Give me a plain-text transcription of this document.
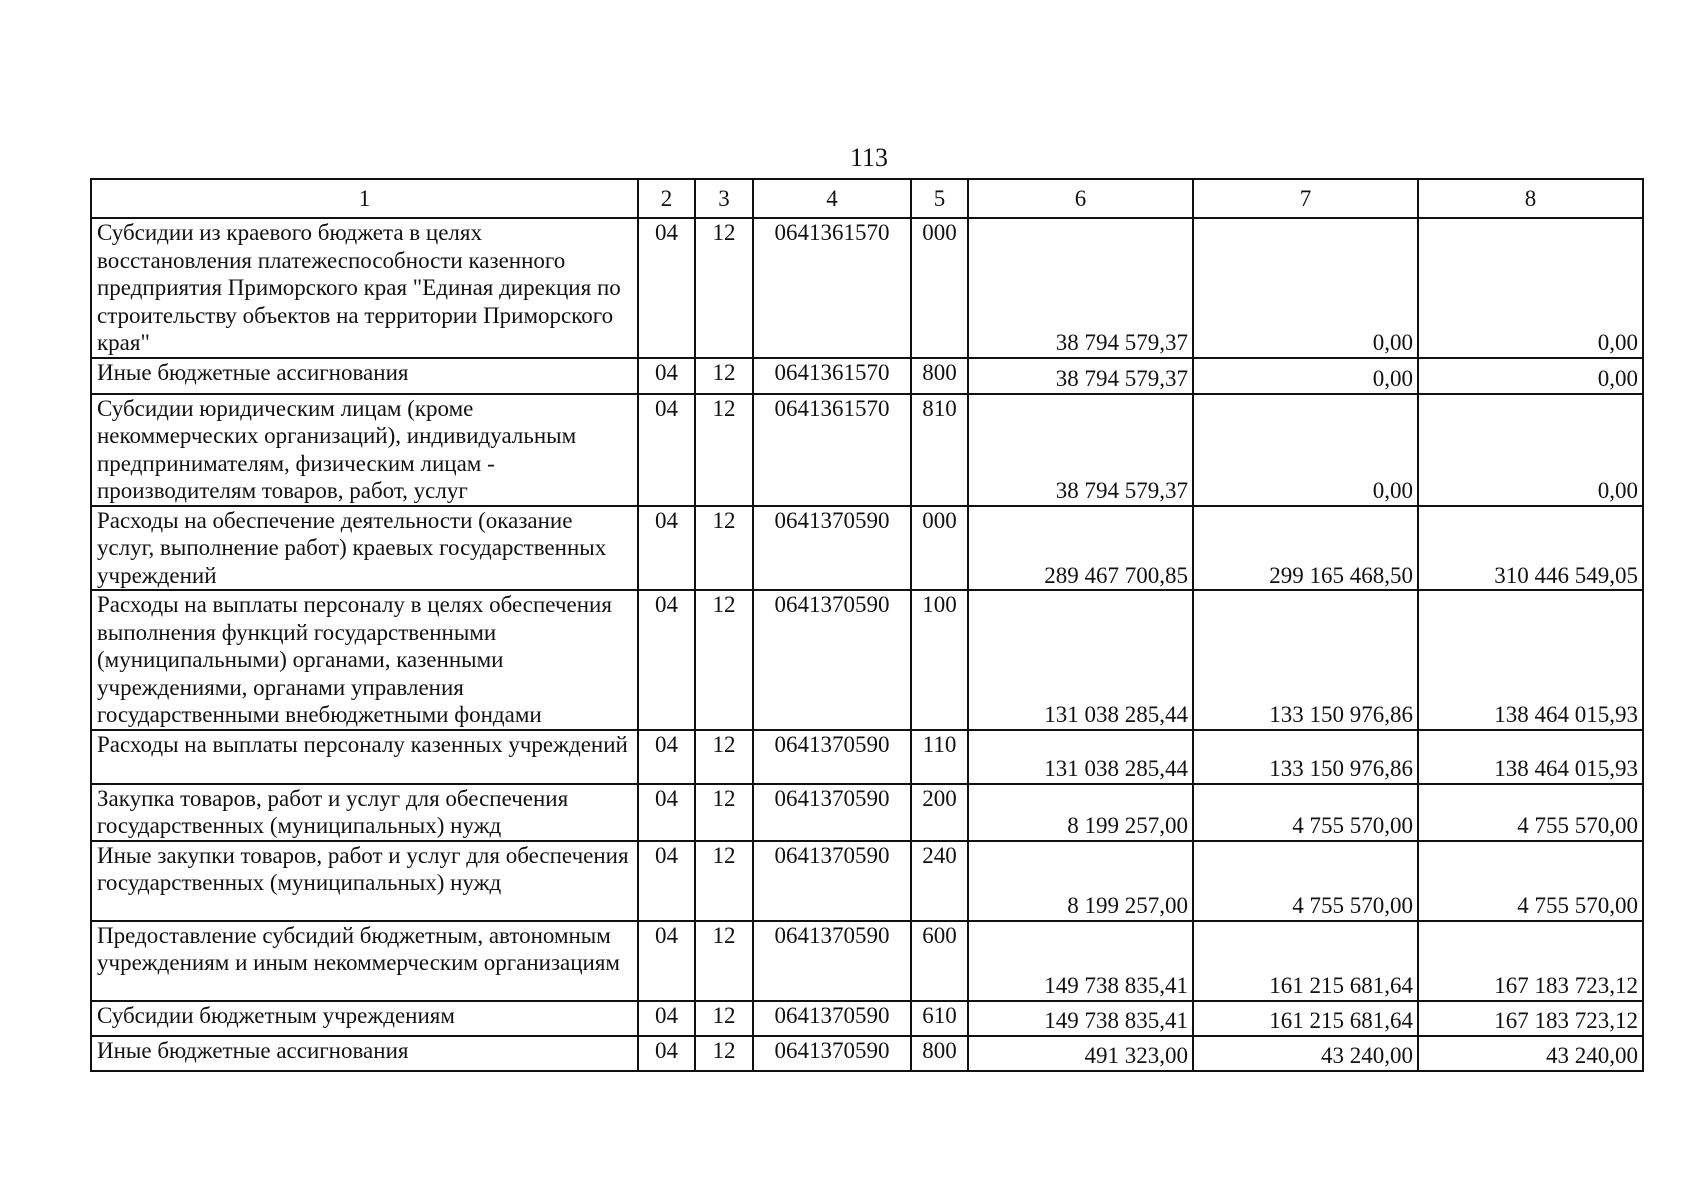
113
1	2	3	4	5	6	7	8
Субсидии из краевого бюджета в целях восстановления платежеспособности казенного предприятия Приморского края "Единая дирекция по строительству объектов на территории Приморского края"	04	12	0641361570	000	38 794 579,37	0,00	0,00
Иные бюджетные ассигнования	04	12	0641361570	800	38 794 579,37	0,00	0,00
Субсидии юридическим лицам (кроме некоммерческих организаций), индивидуальным предпринимателям, физическим лицам - производителям товаров, работ, услуг	04	12	0641361570	810	38 794 579,37	0,00	0,00
Расходы на обеспечение деятельности (оказание услуг, выполнение работ) краевых государственных учреждений	04	12	0641370590	000	289 467 700,85	299 165 468,50	310 446 549,05
Расходы на выплаты персоналу в целях обеспечения выполнения функций государственными (муниципальными) органами, казенными учреждениями, органами управления государственными внебюджетными фондами	04	12	0641370590	100	131 038 285,44	133 150 976,86	138 464 015,93
Расходы на выплаты персоналу казенных учреждений	04	12	0641370590	110	131 038 285,44	133 150 976,86	138 464 015,93
Закупка товаров, работ и услуг для обеспечения государственных (муниципальных) нужд	04	12	0641370590	200	8 199 257,00	4 755 570,00	4 755 570,00
Иные закупки товаров, работ и услуг для обеспечения государственных (муниципальных) нужд	04	12	0641370590	240	8 199 257,00	4 755 570,00	4 755 570,00
Предоставление субсидий бюджетным, автономным учреждениям и иным некоммерческим организациям	04	12	0641370590	600	149 738 835,41	161 215 681,64	167 183 723,12
Субсидии бюджетным учреждениям	04	12	0641370590	610	149 738 835,41	161 215 681,64	167 183 723,12
Иные бюджетные ассигнования	04	12	0641370590	800	491 323,00	43 240,00	43 240,00
